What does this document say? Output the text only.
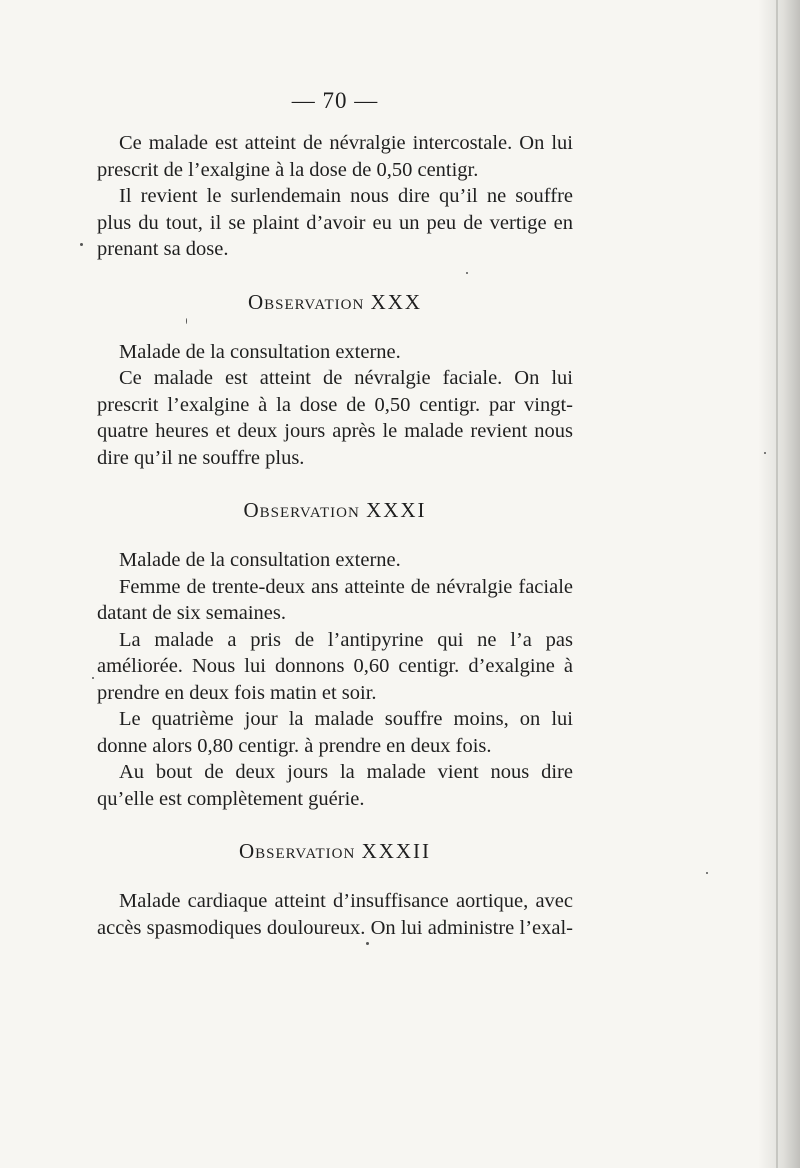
— 70 —

Ce malade est atteint de névralgie intercostale. On lui prescrit de l’exalgine à la dose de 0,50 centigr.

Il revient le surlendemain nous dire qu’il ne souffre plus du tout, il se plaint d’avoir eu un peu de vertige en prenant sa dose.

Observation XXX

Malade de la consultation externe.

Ce malade est atteint de névralgie faciale. On lui prescrit l’exalgine à la dose de 0,50 centigr. par vingt-quatre heures et deux jours après le malade revient nous dire qu’il ne souffre plus.

Observation XXXI

Malade de la consultation externe.

Femme de trente-deux ans atteinte de névralgie faciale datant de six semaines.

La malade a pris de l’antipyrine qui ne l’a pas améliorée. Nous lui donnons 0,60 centigr. d’exalgine à prendre en deux fois matin et soir.

Le quatrième jour la malade souffre moins, on lui donne alors 0,80 centigr. à prendre en deux fois.

Au bout de deux jours la malade vient nous dire qu’elle est complètement guérie.

Observation XXXII

Malade cardiaque atteint d’insuffisance aortique, avec accès spasmodiques douloureux. On lui administre l’exal-
